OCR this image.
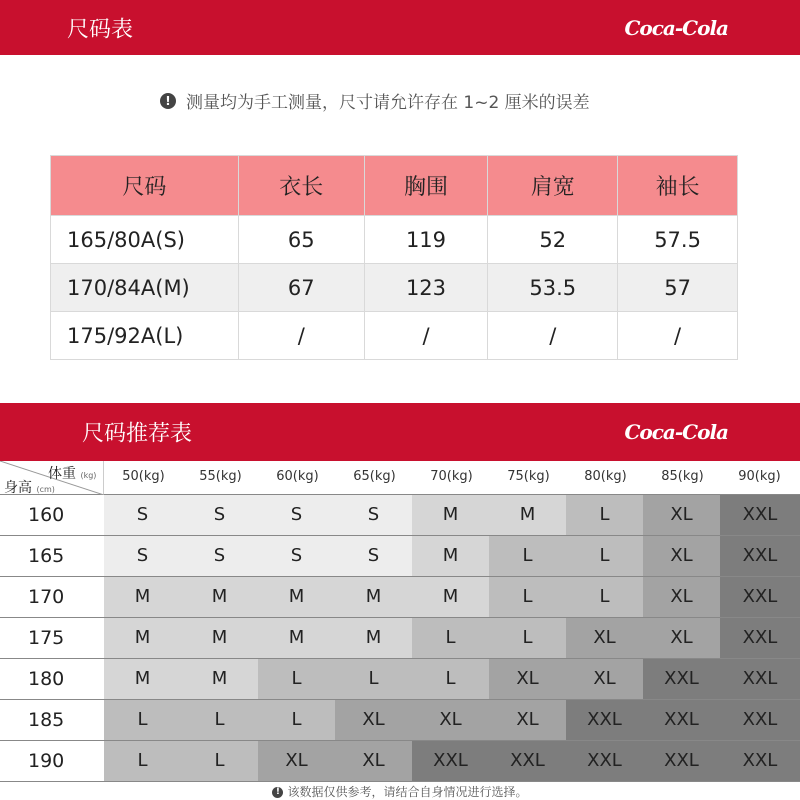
尺码表	Coca-Cola
! 测量均为手工测量，尺寸请允许存在 1~2 厘米的误差
尺码	衣长	胸围	肩宽	袖长
165/80A(S)	65	119	52	57.5
170/84A(M)	67	123	53.5	57
175/92A(L)	/	/	/	/
尺码推荐表	Coca-Cola
体重 (kg)
身高 (cm)
50(kg)	55(kg)	60(kg)	65(kg)	70(kg)	75(kg)	80(kg)	85(kg)	90(kg)
160	S	S	S	S	M	M	L	XL	XXL
165	S	S	S	S	M	L	L	XL	XXL
170	M	M	M	M	M	L	L	XL	XXL
175	M	M	M	M	L	L	XL	XL	XXL
180	M	M	L	L	L	XL	XL	XXL	XXL
185	L	L	L	XL	XL	XL	XXL	XXL	XXL
190	L	L	XL	XL	XXL	XXL	XXL	XXL	XXL
! 该数据仅供参考，请结合自身情况进行选择。
